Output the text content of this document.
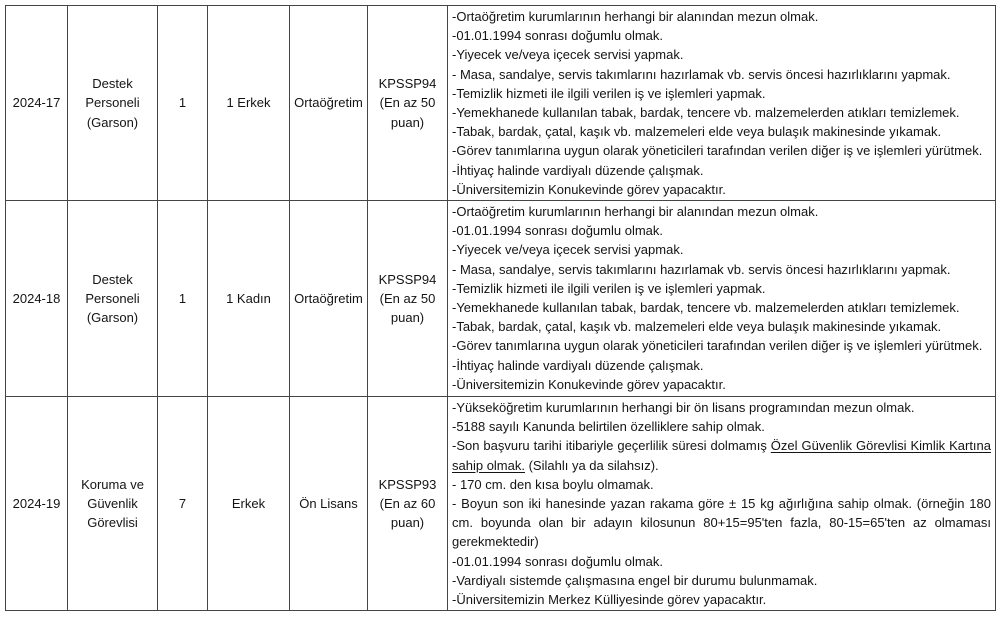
2024-17	Destek Personeli (Garson)	1	1 Erkek	Ortaöğretim	KPSSP94 (En az 50 puan)	

-Ortaöğretim kurumlarının herhangi bir alanından mezun olmak.

-01.01.1994 sonrası doğumlu olmak.

-Yiyecek ve/veya içecek servisi yapmak.

- Masa, sandalye, servis takımlarını hazırlamak vb. servis öncesi hazırlıklarını yapmak.

-Temizlik hizmeti ile ilgili verilen iş ve işlemleri yapmak.

-Yemekhanede kullanılan tabak, bardak, tencere vb. malzemelerden atıkları temizlemek.

-Tabak, bardak, çatal, kaşık vb. malzemeleri elde veya bulaşık makinesinde yıkamak.

-Görev tanımlarına uygun olarak yöneticileri tarafından verilen diğer iş ve işlemleri yürütmek.

-İhtiyaç halinde vardiyalı düzende çalışmak.

-Üniversitemizin Konukevinde görev yapacaktır.

2024-18	Destek Personeli (Garson)	1	1 Kadın	Ortaöğretim	KPSSP94 (En az 50 puan)	

-Ortaöğretim kurumlarının herhangi bir alanından mezun olmak.

-01.01.1994 sonrası doğumlu olmak.

-Yiyecek ve/veya içecek servisi yapmak.

- Masa, sandalye, servis takımlarını hazırlamak vb. servis öncesi hazırlıklarını yapmak.

-Temizlik hizmeti ile ilgili verilen iş ve işlemleri yapmak.

-Yemekhanede kullanılan tabak, bardak, tencere vb. malzemelerden atıkları temizlemek.

-Tabak, bardak, çatal, kaşık vb. malzemeleri elde veya bulaşık makinesinde yıkamak.

-Görev tanımlarına uygun olarak yöneticileri tarafından verilen diğer iş ve işlemleri yürütmek.

-İhtiyaç halinde vardiyalı düzende çalışmak.

-Üniversitemizin Konukevinde görev yapacaktır.

2024-19	Koruma ve Güvenlik Görevlisi	7	Erkek	Ön Lisans	KPSSP93 (En az 60 puan)	

-Yükseköğretim kurumlarının herhangi bir ön lisans programından mezun olmak.

-5188 sayılı Kanunda belirtilen özelliklere sahip olmak.

-Son başvuru tarihi itibariyle geçerlilik süresi dolmamış Özel Güvenlik Görevlisi Kimlik Kartına sahip olmak. (Silahlı ya da silahsız).

- 170 cm. den kısa boylu olmamak.

- Boyun son iki hanesinde yazan rakama göre ± 15 kg ağırlığına sahip olmak. (örneğin 180 cm. boyunda olan bir adayın kilosunun 80+15=95'ten fazla, 80-15=65'ten az olmaması gerekmektedir)

-01.01.1994 sonrası doğumlu olmak.

-Vardiyalı sistemde çalışmasına engel bir durumu bulunmamak.

-Üniversitemizin Merkez Külliyesinde görev yapacaktır.
